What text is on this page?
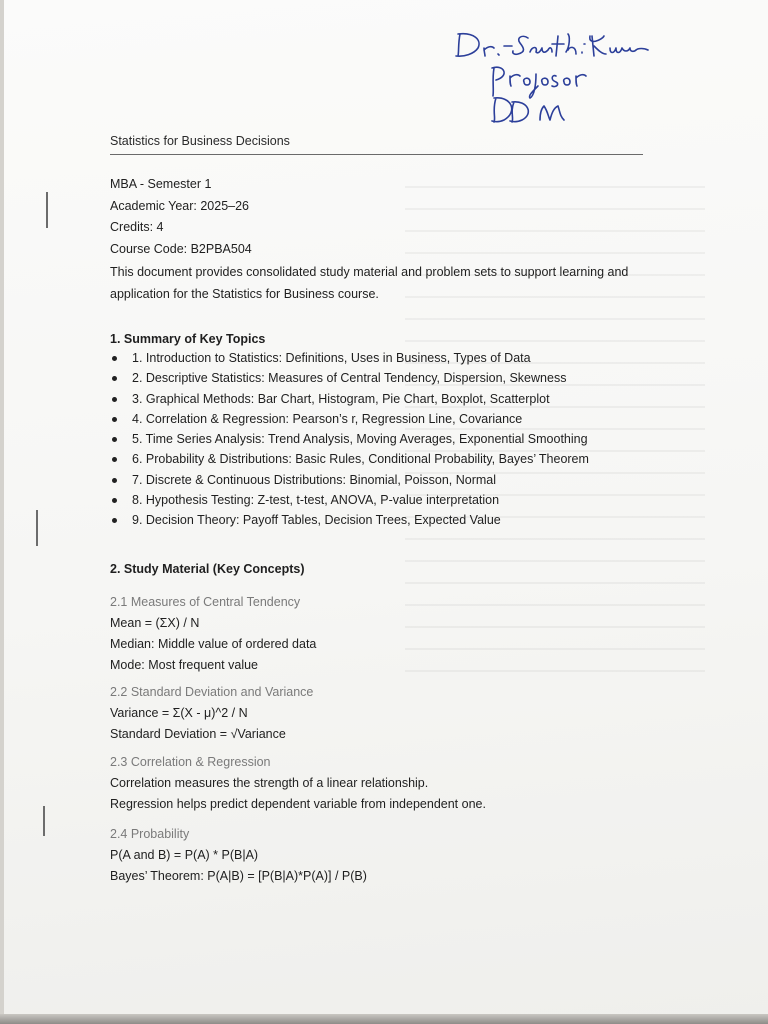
Statistics for Business Decisions
MBA - Semester 1
Academic Year: 2025–26
Credits: 4
Course Code: B2PBA504
This document provides consolidated study material and problem sets to support learning and application for the Statistics for Business course.
1. Summary of Key Topics
1. Introduction to Statistics: Definitions, Uses in Business, Types of Data
2. Descriptive Statistics: Measures of Central Tendency, Dispersion, Skewness
3. Graphical Methods: Bar Chart, Histogram, Pie Chart, Boxplot, Scatterplot
4. Correlation & Regression: Pearson’s r, Regression Line, Covariance
5. Time Series Analysis: Trend Analysis, Moving Averages, Exponential Smoothing
6. Probability & Distributions: Basic Rules, Conditional Probability, Bayes’ Theorem
7. Discrete & Continuous Distributions: Binomial, Poisson, Normal
8. Hypothesis Testing: Z-test, t-test, ANOVA, P-value interpretation
9. Decision Theory: Payoff Tables, Decision Trees, Expected Value
2. Study Material (Key Concepts)
2.1 Measures of Central Tendency
Mean = (ΣX) / N
Median: Middle value of ordered data
Mode: Most frequent value
2.2 Standard Deviation and Variance
Variance = Σ(X - μ)^2 / N
Standard Deviation = √Variance
2.3 Correlation & Regression
Correlation measures the strength of a linear relationship.
Regression helps predict dependent variable from independent one.
2.4 Probability
P(A and B) = P(A) * P(B|A)
Bayes’ Theorem: P(A|B) = [P(B|A)*P(A)] / P(B)
